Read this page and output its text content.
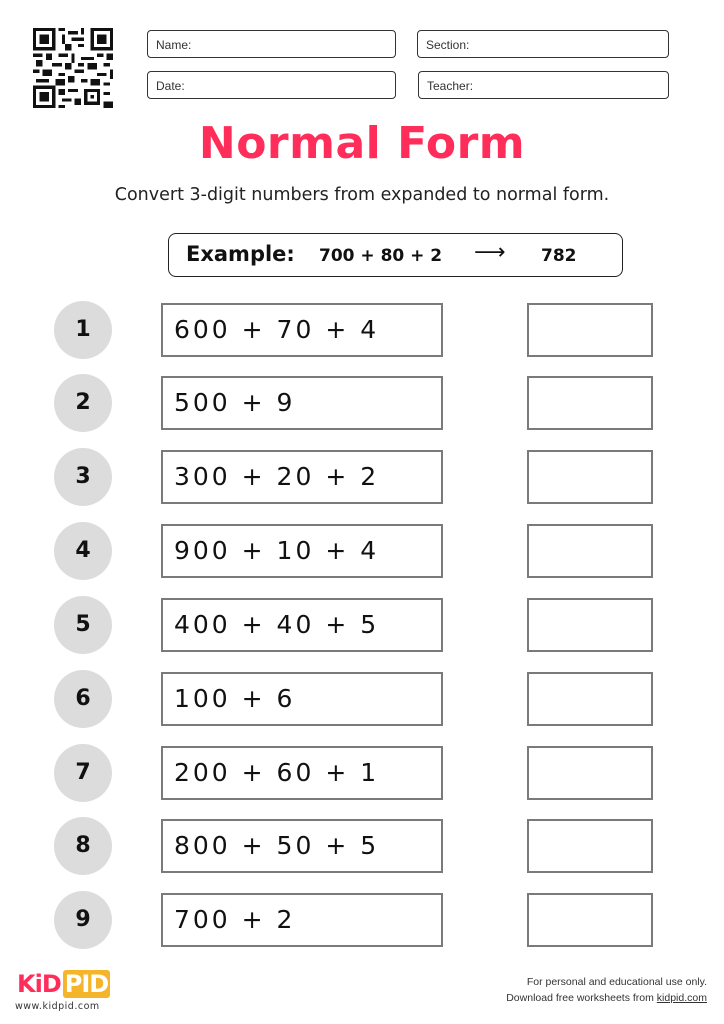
Name:	Section:
Date:	Teacher:
Normal Form
Convert 3-digit numbers from expanded to normal form.
Example: 700 + 80 + 2 ⟶ 782
1	600 + 70 + 4
2	500 + 9
3	300 + 20 + 2
4	900 + 10 + 4
5	400 + 40 + 5
6	100 + 6
7	200 + 60 + 1
8	800 + 50 + 5
9	700 + 2
KiD PID
www.kidpid.com
For personal and educational use only.
Download free worksheets from kidpid.com
